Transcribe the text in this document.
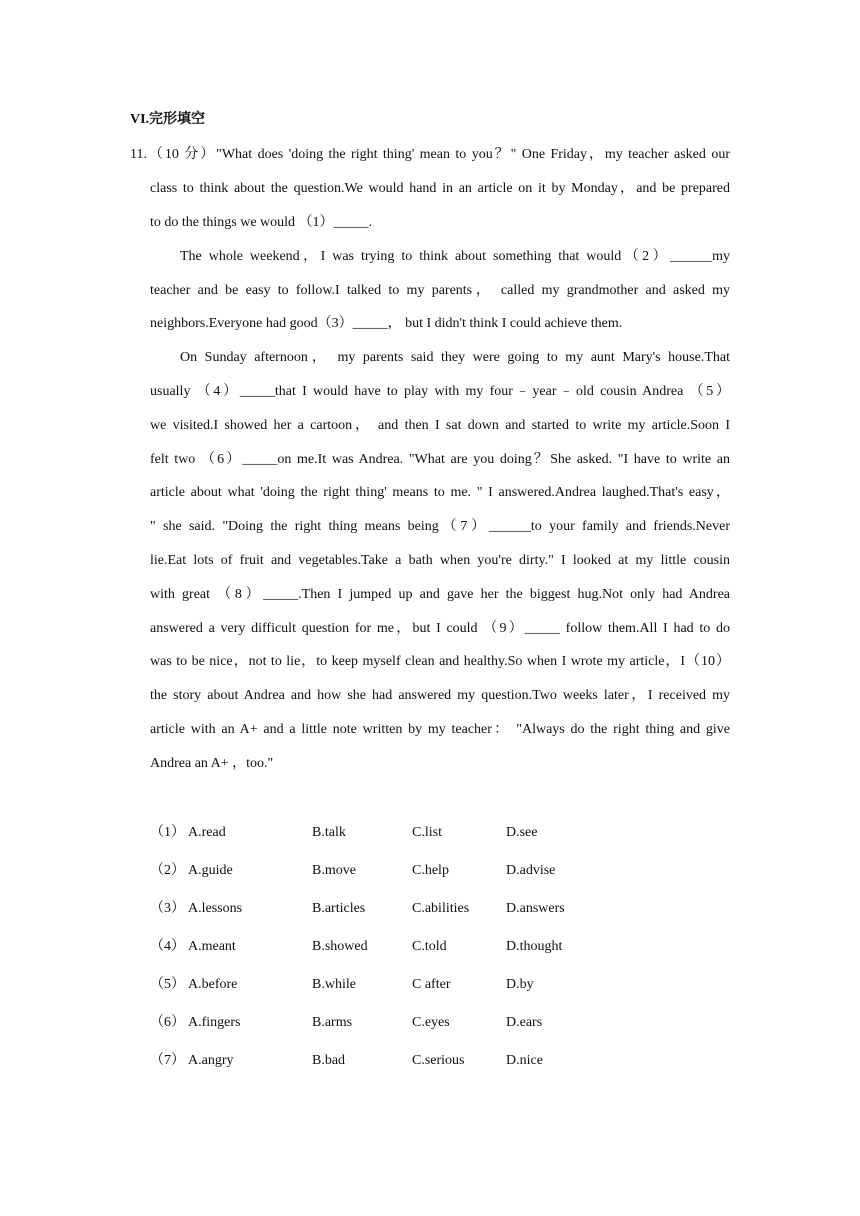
VI.完形填空
11.（10 分）"What does 'doing the right thing' mean to you？" One Friday，my teacher asked our
class to think about the question.We would hand in an article on it by Monday，and be prepared
to do the things we would （1）_____.
The whole weekend，I was trying to think about something that would（2）______my
teacher and be easy to follow.I talked to my parents， called my grandmother and asked my
neighbors.Everyone had good（3）_____， but I didn't think I could achieve them.
On Sunday afternoon， my parents said they were going to my aunt Mary's house.That
usually （4）_____that I would have to play with my four﹣year﹣old cousin Andrea （5）
we visited.I showed her a cartoon， and then I sat down and started to write my article.Soon I
felt two （6）_____on me.It was Andrea. "What are you doing？She asked. "I have to write an
article about what 'doing the right thing' means to me. " I answered.Andrea laughed.That's easy，
" she said. "Doing the right thing means being（7）______to your family and friends.Never
lie.Eat lots of fruit and vegetables.Take a bath when you're dirty." I looked at my little cousin
with great （8）_____.Then I jumped up and gave her the biggest hug.Not only had Andrea
answered a very difficult question for me，but I could （9）_____ follow them.All I had to do
was to be nice，not to lie，to keep myself clean and healthy.So when I wrote my article，I（10）
the story about Andrea and how she had answered my question.Two weeks later，I received my
article with an A+ and a little note written by my teacher： "Always do the right thing and give
Andrea an A+ ，too."
（1） A.read	B.talk	C.list	D.see
（2） A.guide	B.move	C.help	D.advise
（3） A.lessons	B.articles	C.abilities	D.answers
（4） A.meant	B.showed	C.told	D.thought
（5） A.before	B.while	C after	D.by
（6） A.fingers	B.arms	C.eyes	D.ears
（7） A.angry	B.bad	C.serious	D.nice
